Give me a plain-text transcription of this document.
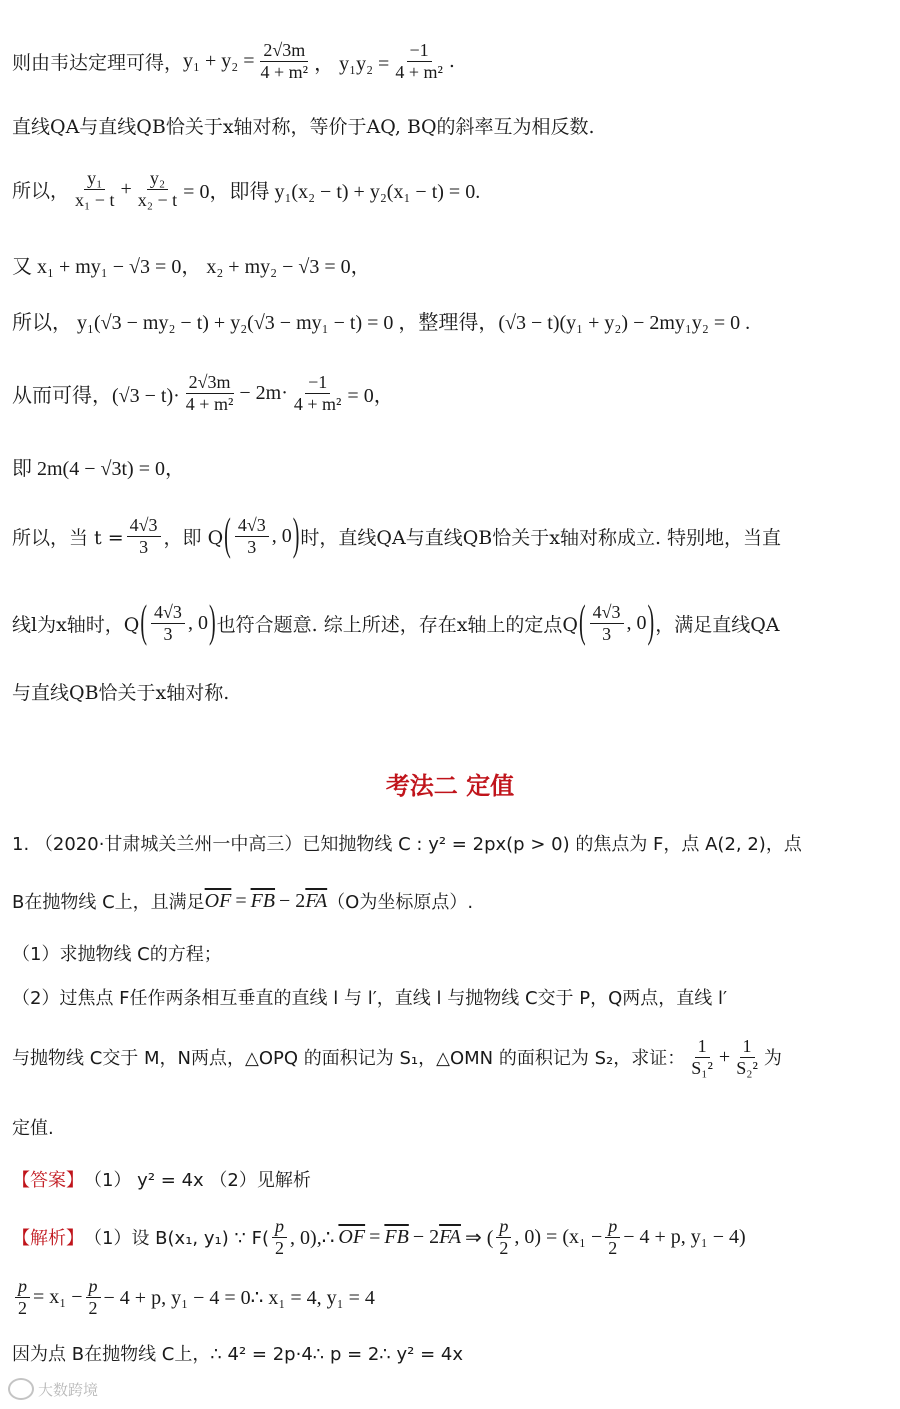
则由韦达定理可得， $y_1 + y_2 = \frac{2√3m}{\text{4 + m²}}$ ， $y_1y_2 = \frac{-1}{\text{4 + m²}}$ .
直线QA与直线QB恰关于x轴对称，等价于AQ, BQ的斜率互为相反数.
所以， $\frac{\text{y₁}}{\text{x₁ − t}} + \frac{\text{y₂}}{\text{x₂ − t}} = 0$，即得 y₁(x₂ − t) + y₂(x₁ − t) = 0.
又 x₁ + my₁ − √3 = 0， x₂ + my₂ − √3 = 0，
所以， y₁(√3 − my₂ − t) + y₂(√3 − my₁ − t) = 0 ，整理得，(√3 − t)(y₁ + y₂) − 2my₁y₂ = 0 .
从而可得，$(√3 - t)\cdot \frac{2√3m}{\text{4 + m²}} - 2m\cdot \frac{-1}{\text{4 + m²}} = 0$，
即 2m(4 − √3t) = 0，
所以，当 $t = \frac{4√3}{3}$ ，即 Q ( $\frac{4√3}{3}$ , 0 ) 时，直线QA与直线QB恰关于x轴对称成立. 特别地，当直
线l为x轴时，Q ( $\frac{4√3}{3}$ , 0 ) 也符合题意. 综上所述，存在x轴上的定点Q ( $\frac{4√3}{3}$ , 0 ) ，满足直线QA
与直线QB恰关于x轴对称.
考法二 定值
1. （2020·甘肃城关兰州一中高三）已知抛物线 C : y² = 2px(p > 0) 的焦点为 F，点 A(2, 2)，点
B在抛物线 C上，且满足 $\overline{OF} = \overline{FB} - 2$ $\overline{FA}$ （O为坐标原点）.
（1）求抛物线 C的方程；
（2）过焦点 F任作两条相互垂直的直线 l 与 l′，直线 l 与抛物线 C交于 P，Q两点，直线 l′
与抛物线 C交于 M，N两点，△OPQ 的面积记为 S₁，△OMN 的面积记为 S₂，求证： $\frac{1}{\text{S₁²}} + \frac{1}{\text{S₂²}}$ 为
定值.
【答案】 （1） y² = 4x （2）见解析
【解析】 （1）设 B(x₁, y₁) ∵ $F( \frac{p}{2}$ , 0),∴ $\overline{OF} = \overline{FB} - 2$ $\overline{FA}$ ⇒ ( $\frac{p}{2}$ , $0) = (x_1 - \frac{p}{2} - 4 + p$, y₁ − 4)
$\frac{p}{2} = x_1 - \frac{p}{2} - 4 + p$, y₁ − 4 = 0∴ x₁ = 4, y₁ = 4
因为点 B在抛物线 C上，∴ 4² = 2p·4∴ p = 2∴ y² = 4x
大数跨境
